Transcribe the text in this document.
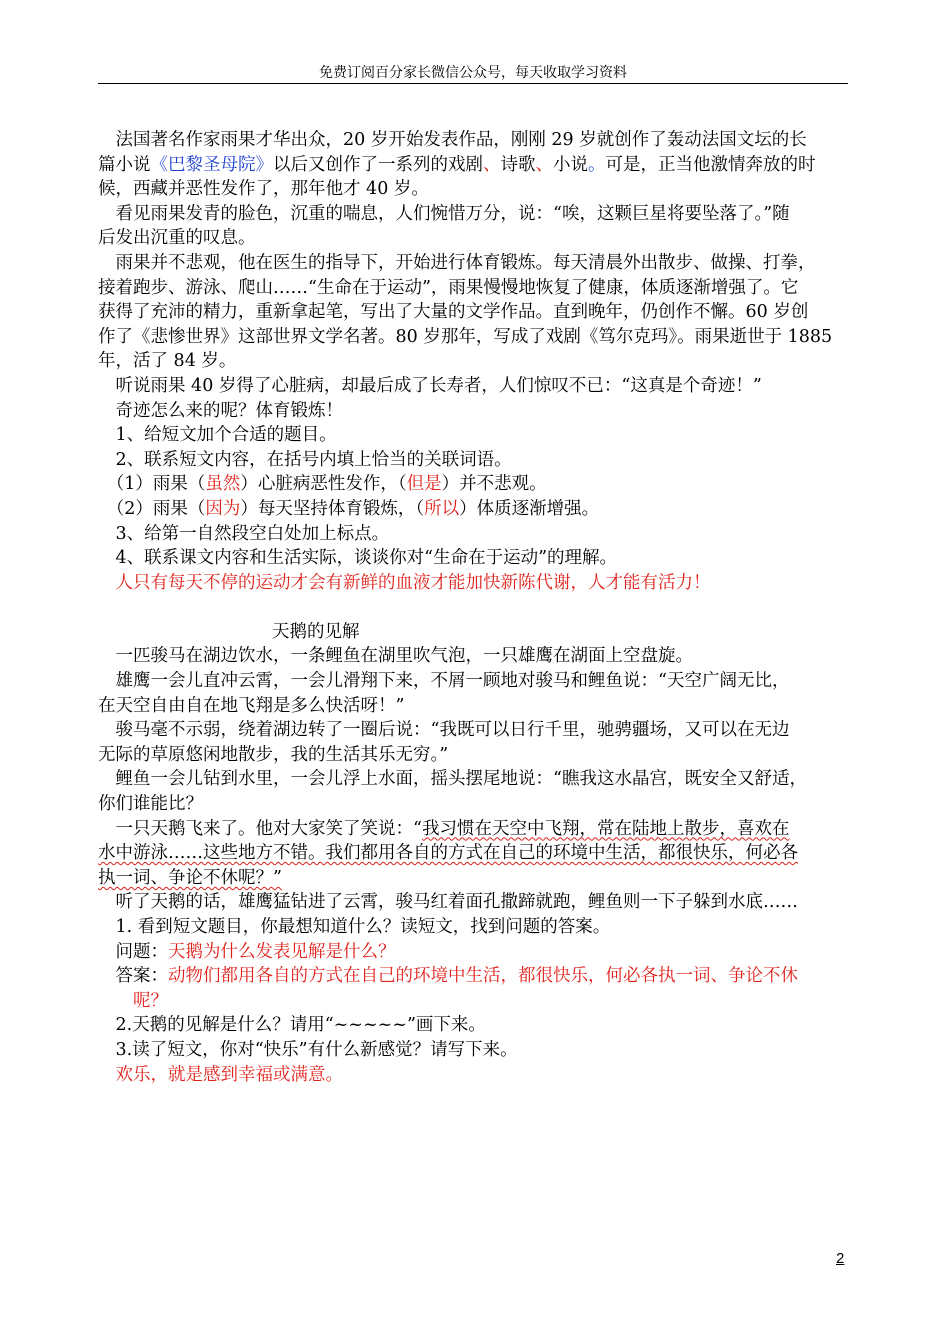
免费订阅百分家长微信公众号，每天收取学习资料
　法国著名作家雨果才华出众，20 岁开始发表作品，刚刚 29 岁就创作了轰动法国文坛的长
篇小说《巴黎圣母院》以后又创作了一系列的戏剧、诗歌、小说。可是，正当他激情奔放的时
候，西藏并恶性发作了，那年他才 40 岁。
　看见雨果发青的脸色，沉重的喘息，人们惋惜万分，说：“唉，这颗巨星将要坠落了。”随
后发出沉重的叹息。
　雨果并不悲观，他在医生的指导下，开始进行体育锻炼。每天清晨外出散步、做操、打拳，
接着跑步、游泳、爬山……“生命在于运动”，雨果慢慢地恢复了健康，体质逐渐增强了。它
获得了充沛的精力，重新拿起笔，写出了大量的文学作品。直到晚年，仍创作不懈。60 岁创
作了《悲惨世界》这部世界文学名著。80 岁那年，写成了戏剧《笃尔克玛》。雨果逝世于 1885
年，活了 84 岁。
　听说雨果 40 岁得了心脏病，却最后成了长寿者，人们惊叹不已：“这真是个奇迹！”
　奇迹怎么来的呢？体育锻炼！
　1、给短文加个合适的题目。
　2、联系短文内容，在括号内填上恰当的关联词语。
　（1）雨果（虽然）心脏病恶性发作，（但是）并不悲观。
　（2）雨果（因为）每天坚持体育锻炼，（所以）体质逐渐增强。
　3、给第一自然段空白处加上标点。
　4、联系课文内容和生活实际，谈谈你对“生命在于运动”的理解。
　人只有每天不停的运动才会有新鲜的血液才能加快新陈代谢，人才能有活力！
天鹅的见解
　一匹骏马在湖边饮水，一条鲤鱼在湖里吹气泡，一只雄鹰在湖面上空盘旋。
　雄鹰一会儿直冲云霄，一会儿滑翔下来，不屑一顾地对骏马和鲤鱼说：“天空广阔无比，
在天空自由自在地飞翔是多么快活呀！”
　骏马毫不示弱，绕着湖边转了一圈后说：“我既可以日行千里，驰骋疆场，又可以在无边
无际的草原悠闲地散步，我的生活其乐无穷。”
　鲤鱼一会儿钻到水里，一会儿浮上水面，摇头摆尾地说：“瞧我这水晶宫，既安全又舒适，
你们谁能比？
　一只天鹅飞来了。他对大家笑了笑说：“我习惯在天空中飞翔，常在陆地上散步，喜欢在
水中游泳……这些地方不错。我们都用各自的方式在自己的环境中生活，都很快乐，何必各
执一词、争论不休呢？”
　听了天鹅的话，雄鹰猛钻进了云霄，骏马红着面孔撒蹄就跑，鲤鱼则一下子躲到水底……
　1. 看到短文题目，你最想知道什么？读短文，找到问题的答案。
　问题：天鹅为什么发表见解是什么？
　答案：动物们都用各自的方式在自己的环境中生活，都很快乐，何必各执一词、争论不休
　　呢？
　2.天鹅的见解是什么？请用“~~~~~”画下来。
　3.读了短文，你对“快乐”有什么新感觉？请写下来。
　欢乐，就是感到幸福或满意。
2
